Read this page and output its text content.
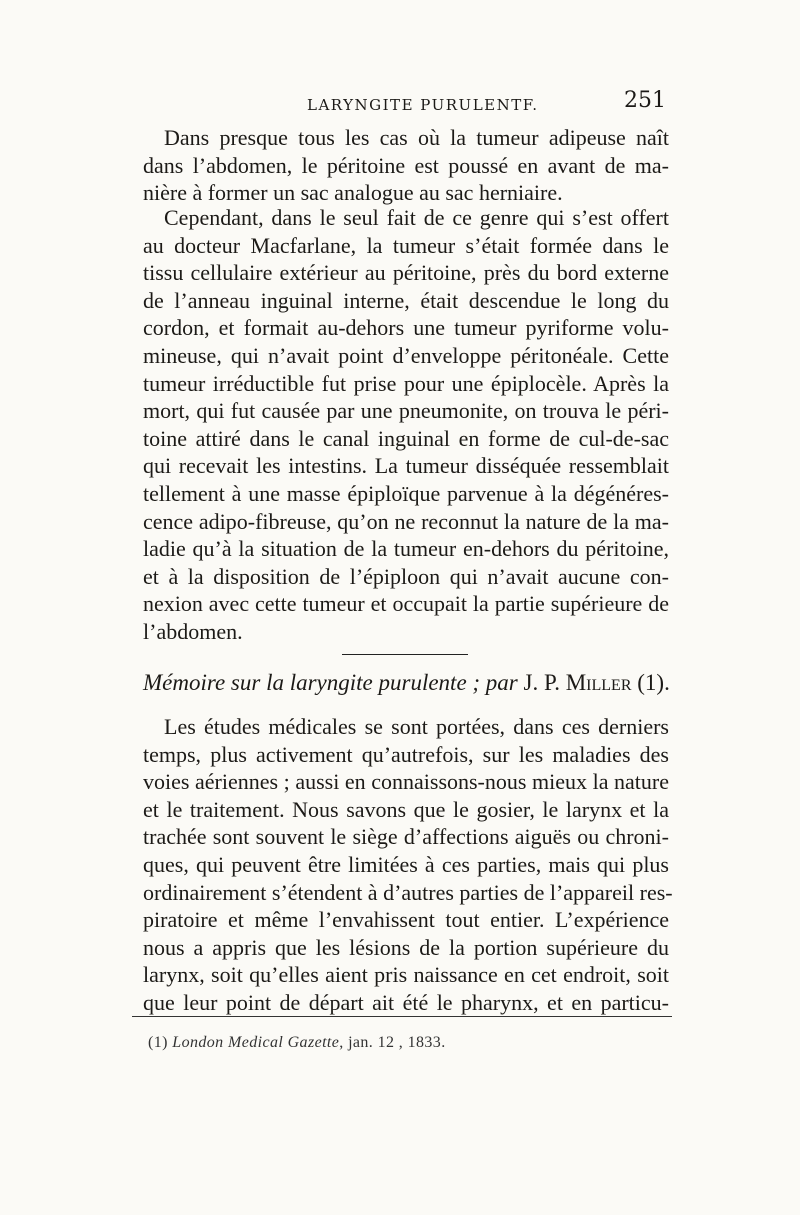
LARYNGITE PURULENTF.	251
Dans presque tous les cas où la tumeur adipeuse naît
dans l’abdomen, le péritoine est poussé en avant de ma-
nière à former un sac analogue au sac herniaire.
Cependant, dans le seul fait de ce genre qui s’est offert
au docteur Macfarlane, la tumeur s’était formée dans le
tissu cellulaire extérieur au péritoine, près du bord externe
de l’anneau inguinal interne, était descendue le long du
cordon, et formait au-dehors une tumeur pyriforme volu-
mineuse, qui n’avait point d’enveloppe péritonéale. Cette
tumeur irréductible fut prise pour une épiplocèle. Après la
mort, qui fut causée par une pneumonite, on trouva le péri-
toine attiré dans le canal inguinal en forme de cul-de-sac
qui recevait les intestins. La tumeur disséquée ressemblait
tellement à une masse épiploïque parvenue à la dégénéres-
cence adipo-fibreuse, qu’on ne reconnut la nature de la ma-
ladie qu’à la situation de la tumeur en-dehors du péritoine,
et à la disposition de l’épiploon qui n’avait aucune con-
nexion avec cette tumeur et occupait la partie supérieure de
l’abdomen.
Mémoire sur la laryngite purulente ; par J. P. Miller (1).
Les études médicales se sont portées, dans ces derniers
temps, plus activement qu’autrefois, sur les maladies des
voies aériennes ; aussi en connaissons-nous mieux la nature
et le traitement. Nous savons que le gosier, le larynx et la
trachée sont souvent le siège d’affections aiguës ou chroni-
ques, qui peuvent être limitées à ces parties, mais qui plus
ordinairement s’étendent à d’autres parties de l’appareil res-
piratoire et même l’envahissent tout entier. L’expérience
nous a appris que les lésions de la portion supérieure du
larynx, soit qu’elles aient pris naissance en cet endroit, soit
que leur point de départ ait été le pharynx, et en particu-
(1) London Medical Gazette, jan. 12 , 1833.
